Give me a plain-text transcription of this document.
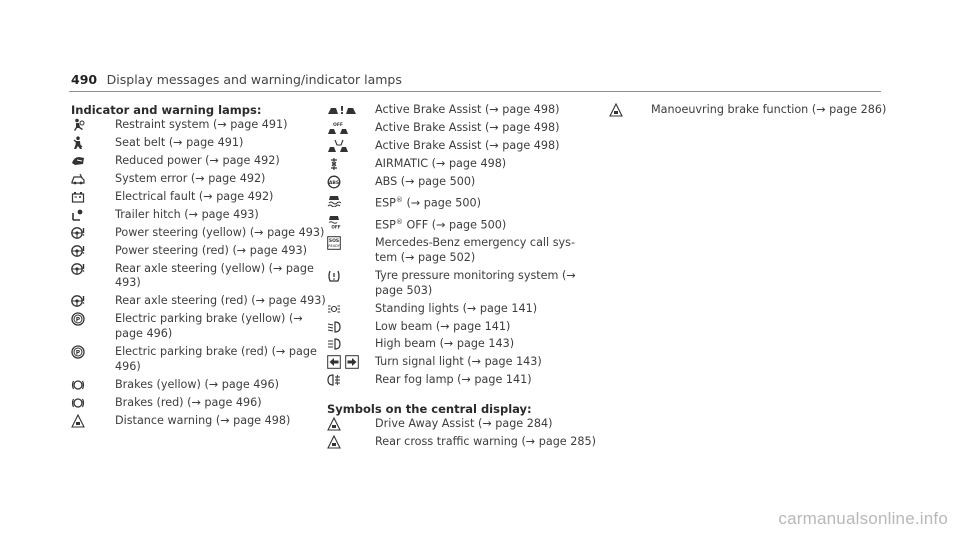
490 Display messages and warning/indicator lamps
Indicator and warning lamps:
Restraint system (→ page 491)
Seat belt (→ page 491)
Reduced power (→ page 492)
System error (→ page 492)
Electrical fault (→ page 492)
Trailer hitch (→ page 493)
Power steering (yellow) (→ page 493)
Power steering (red) (→ page 493)
Rear axle steering (yellow) (→ page 493)
Rear axle steering (red) (→ page 493)
P	Electric parking brake (yellow) (→ page 496)
P	Electric parking brake (red) (→ page 496)
Brakes (yellow) (→ page 496)
Brakes (red) (→ page 496)
Distance warning (→ page 498)
!	Active Brake Assist (→ page 498)
OFF	Active Brake Assist (→ page 498)
Active Brake Assist (→ page 498)
AIRMATIC (→ page 498)
ABS	ABS (→ page 500)
ESP® (→ page 500)
OFF	ESP® OFF (→ page 500)
SOS
READY	Mercedes-Benz emergency call sys-tem (→ page 502)
Tyre pressure monitoring system (→ page 503)
Standing lights (→ page 141)
Low beam (→ page 141)
High beam (→ page 143)
Turn signal light (→ page 143)
Rear fog lamp (→ page 141)
Symbols on the central display:
Drive Away Assist (→ page 284)
Rear cross traffic warning (→ page 285)
Manoeuvring brake function (→ page 286)
carmanualsonline.info
